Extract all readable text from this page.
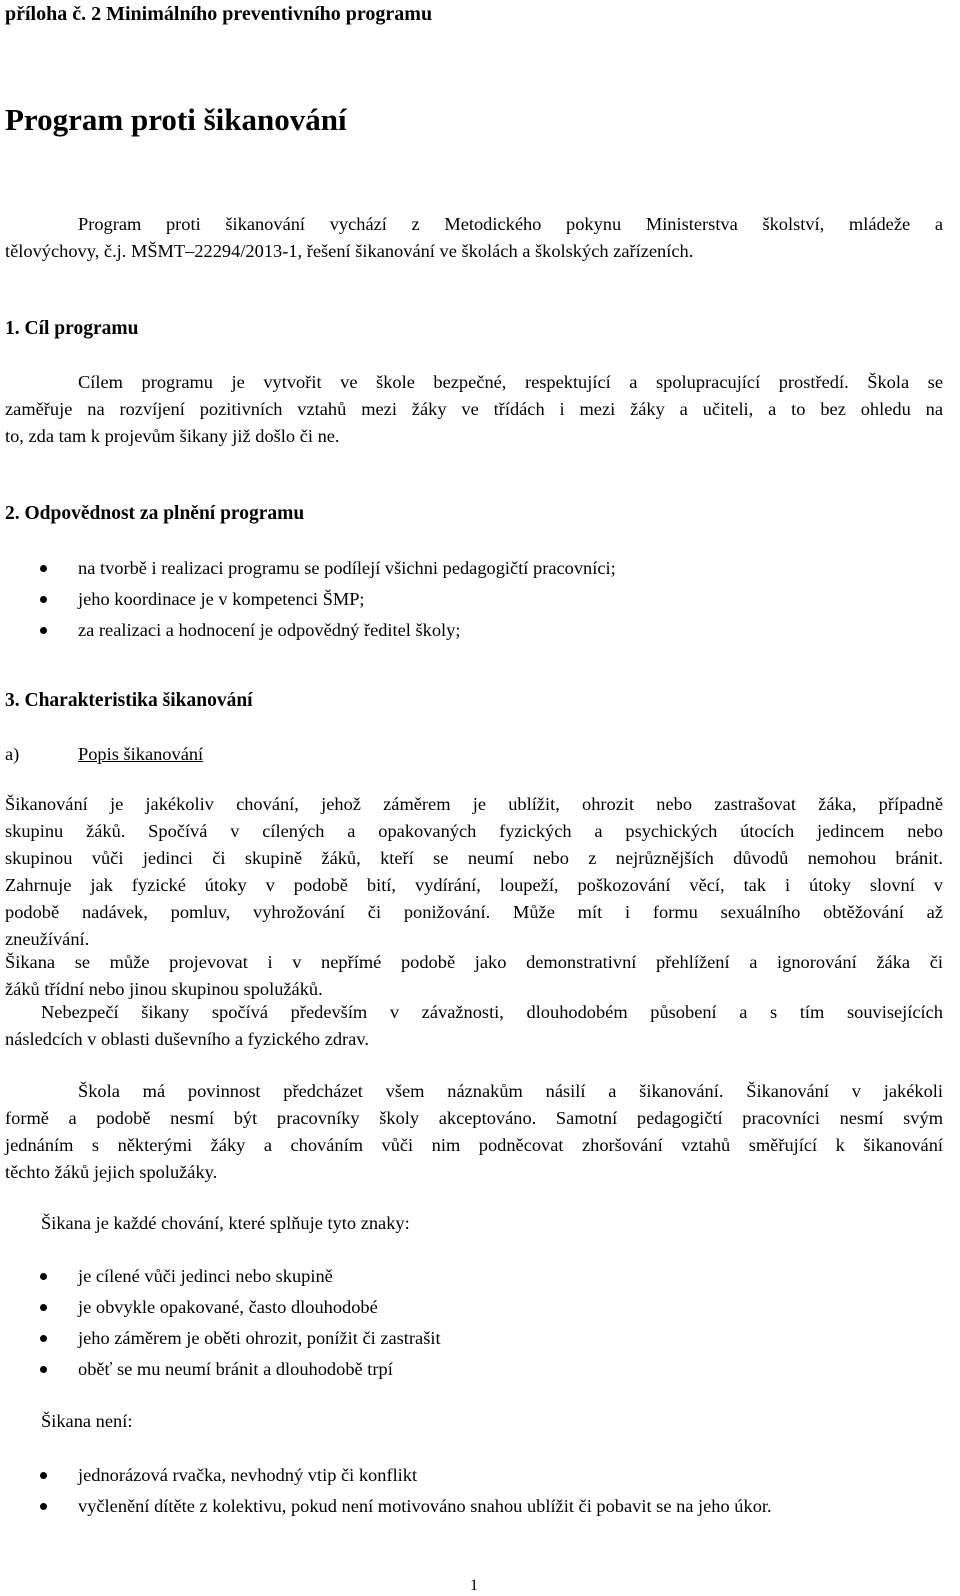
příloha č. 2 Minimálního preventivního programu
Program proti šikanování
Program proti šikanování vychází z Metodického pokynu Ministerstva školství, mládeže a
tělovýchovy, č.j. MŠMT–22294/2013-1, řešení šikanování ve školách a školských zařízeních.
1. Cíl programu
Cílem programu je vytvořit ve škole bezpečné, respektující a spolupracující prostředí. Škola se
zaměřuje na rozvíjení pozitivních vztahů mezi žáky ve třídách i mezi žáky a učiteli, a to bez ohledu na
to, zda tam k projevům šikany již došlo či ne.
2. Odpovědnost za plnění programu
na tvorbě i realizaci programu se podílejí všichni pedagogičtí pracovníci;
jeho koordinace je v kompetenci ŠMP;
za realizaci a hodnocení je odpovědný ředitel školy;
3. Charakteristika šikanování
a)	Popis šikanování
Šikanování je jakékoliv chování, jehož záměrem je ublížit, ohrozit nebo zastrašovat žáka, případně
skupinu žáků. Spočívá v cílených a opakovaných fyzických a psychických útocích jedincem nebo
skupinou vůči jedinci či skupině žáků, kteří se neumí nebo z nejrůznějších důvodů nemohou bránit.
Zahrnuje jak fyzické útoky v podobě bití, vydírání, loupeží, poškozování věcí, tak i útoky slovní v
podobě nadávek, pomluv, vyhrožování či ponižování. Může mít i formu sexuálního obtěžování až
zneužívání.
Šikana se může projevovat i v nepřímé podobě jako demonstrativní přehlížení a ignorování žáka či
žáků třídní nebo jinou skupinou spolužáků.
Nebezpečí šikany spočívá především v závažnosti, dlouhodobém působení a s tím souvisejících
následcích v oblasti duševního a fyzického zdrav.
Škola má povinnost předcházet všem náznakům násilí a šikanování. Šikanování v jakékoli
formě a podobě nesmí být pracovníky školy akceptováno. Samotní pedagogičtí pracovníci nesmí svým
jednáním s některými žáky a chováním vůči nim podněcovat zhoršování vztahů směřující k šikanování
těchto žáků jejich spolužáky.
Šikana je každé chování, které splňuje tyto znaky:
je cílené vůči jedinci nebo skupině
je obvykle opakované, často dlouhodobé
jeho záměrem je oběti ohrozit, ponížit či zastrašit
oběť se mu neumí bránit a dlouhodobě trpí
Šikana není:
jednorázová rvačka, nevhodný vtip či konflikt
vyčlenění dítěte z kolektivu, pokud není motivováno snahou ublížit či pobavit se na jeho úkor.
1
